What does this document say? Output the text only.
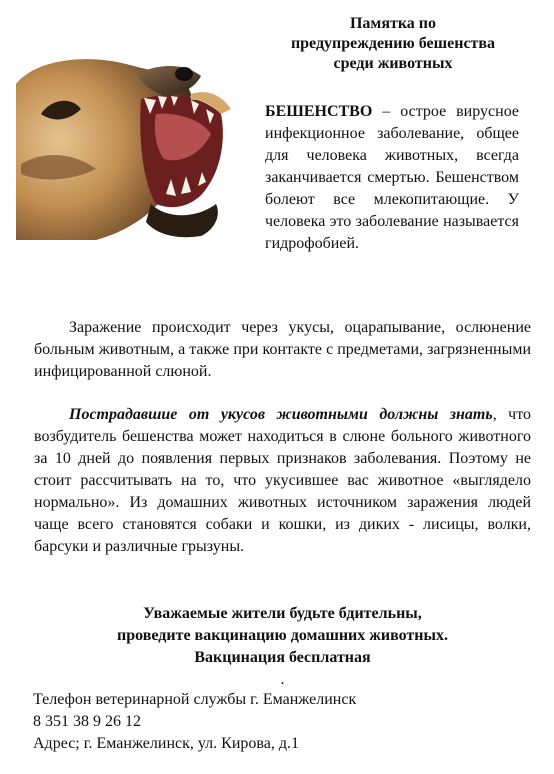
Памятка по
предупреждению бешенства
среди животных
БЕШЕНСТВО – острое вирусное инфекционное заболевание, общее для человека животных, всегда заканчивается смертью. Бешенством болеют все млекопитающие. У человека это заболевание называется гидрофобией.

Заражение происходит через укусы, оцарапывание, ослюнение больным животным, а также при контакте с предметами, загрязненными инфицированной слюной.

Пострадавшие от укусов животными должны знать, что возбудитель бешенства может находиться в слюне больного животного за 10 дней до появления первых признаков заболевания. Поэтому не стоит рассчитывать на то, что укусившее вас животное «выглядело нормально». Из домашних животных источником заражения людей чаще всего становятся собаки и кошки, из диких - лисицы, волки, барсуки и различные грызуны.

Уважаемые жители будьте бдительны,
проведите вакцинацию домашних животных.
Вакцинация бесплатная
.
Телефон ветеринарной службы г. Еманжелинск
8 351 38 9 26 12
Адрес; г. Еманжелинск, ул. Кирова, д.1
